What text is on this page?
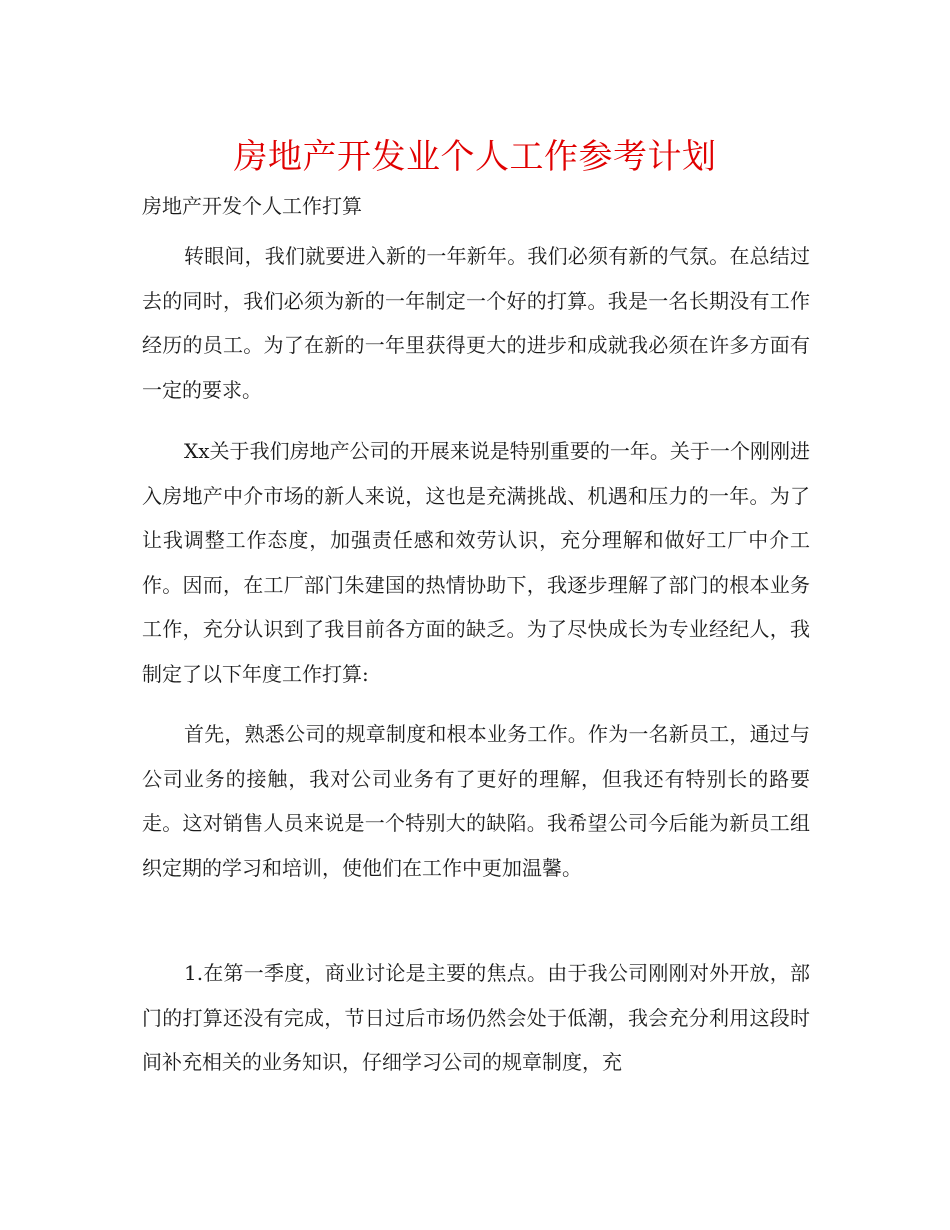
房地产开发业个人工作参考计划
房地产开发个人工作打算

转眼间，我们就要进入新的一年新年。我们必须有新的气氛。在总结过去的同时，我们必须为新的一年制定一个好的打算。我是一名长期没有工作经历的员工。为了在新的一年里获得更大的进步和成就我必须在许多方面有一定的要求。

Xx关于我们房地产公司的开展来说是特别重要的一年。关于一个刚刚进入房地产中介市场的新人来说，这也是充满挑战、机遇和压力的一年。为了让我调整工作态度，加强责任感和效劳认识，充分理解和做好工厂中介工作。因而，在工厂部门朱建国的热情协助下，我逐步理解了部门的根本业务工作，充分认识到了我目前各方面的缺乏。为了尽快成长为专业经纪人，我制定了以下年度工作打算:

首先，熟悉公司的规章制度和根本业务工作。作为一名新员工，通过与公司业务的接触，我对公司业务有了更好的理解，但我还有特别长的路要走。这对销售人员来说是一个特别大的缺陷。我希望公司今后能为新员工组织定期的学习和培训，使他们在工作中更加温馨。

1.在第一季度，商业讨论是主要的焦点。由于我公司刚刚对外开放，部门的打算还没有完成，节日过后市场仍然会处于低潮，我会充分利用这段时间补充相关的业务知识，仔细学习公司的规章制度，充
